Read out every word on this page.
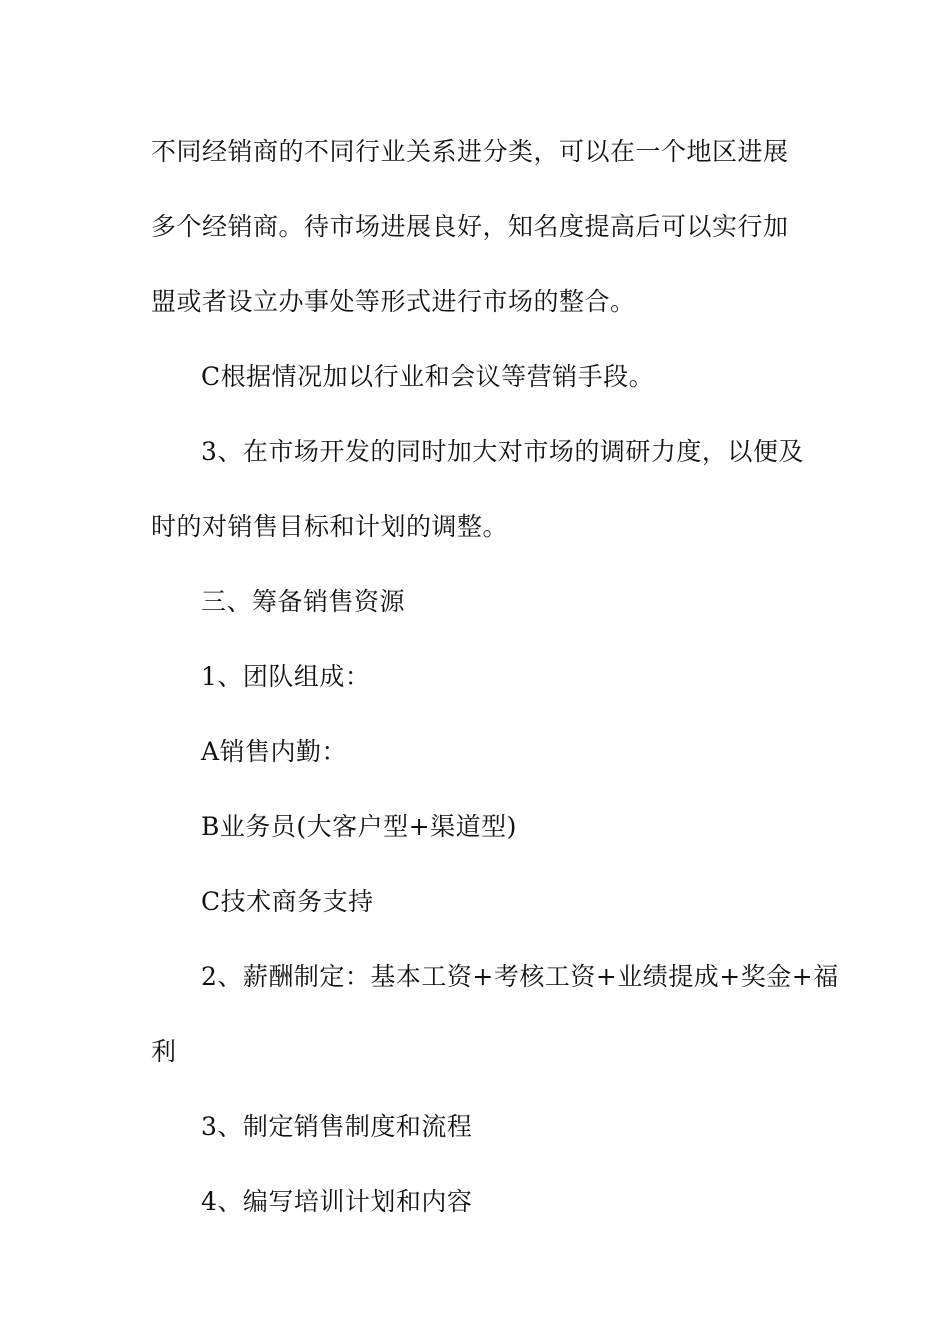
不同经销商的不同行业关系进分类，可以在一个地区进展

多个经销商。待市场进展良好，知名度提高后可以实行加

盟或者设立办事处等形式进行市场的整合。

C根据情况加以行业和会议等营销手段。

3、在市场开发的同时加大对市场的调研力度，以便及

时的对销售目标和计划的调整。

三、筹备销售资源

1、团队组成：

A销售内勤：

B业务员(大客户型+渠道型)

C技术商务支持

2、薪酬制定：基本工资+考核工资+业绩提成+奖金+福

利

3、制定销售制度和流程

4、编写培训计划和内容
